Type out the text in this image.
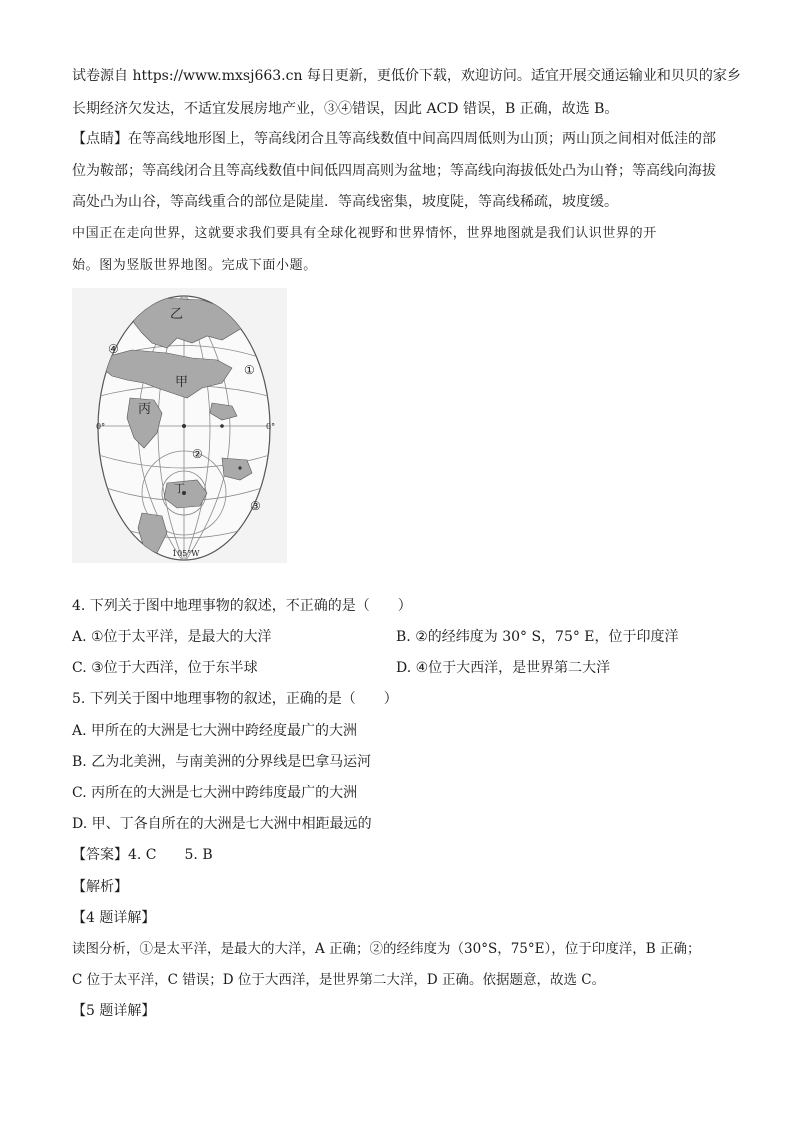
试卷源自 https://www.mxsj663.cn 每日更新，更低价下载，欢迎访问。适宜开展交通运输业和贝贝的家乡
长期经济欠发达，不适宜发展房地产业，③④错误，因此 ACD 错误，B 正确，故选 B。
【点睛】在等高线地形图上，等高线闭合且等高线数值中间高四周低则为山顶；两山顶之间相对低洼的部
位为鞍部；等高线闭合且等高线数值中间低四周高则为盆地；等高线向海拔低处凸为山脊；等高线向海拔
高处凸为山谷，等高线重合的部位是陡崖．等高线密集，坡度陡，等高线稀疏，坡度缓。
中国正在走向世界，这就要求我们要具有全球化视野和世界情怀，世界地图就是我们认识世界的开
始。图为竖版世界地图。完成下面小题。
乙
甲
丙
丁
①
②
③
④
0°	0°
105°W
4. 下列关于图中地理事物的叙述，不正确的是（　　）
A. ①位于太平洋，是最大的大洋	B. ②的经纬度为 30° S，75° E，位于印度洋
C. ③位于大西洋，位于东半球	D. ④位于大西洋，是世界第二大洋
5. 下列关于图中地理事物的叙述，正确的是（　　）
A. 甲所在的大洲是七大洲中跨经度最广的大洲
B. 乙为北美洲，与南美洲的分界线是巴拿马运河
C. 丙所在的大洲是七大洲中跨纬度最广的大洲
D. 甲、丁各自所在的大洲是七大洲中相距最远的
【答案】4. C　　5. B
【解析】
【4 题详解】
读图分析，①是太平洋，是最大的大洋，A 正确；②的经纬度为（30°S，75°E），位于印度洋，B 正确；
C 位于太平洋，C 错误；D 位于大西洋，是世界第二大洋，D 正确。依据题意，故选 C。
【5 题详解】
